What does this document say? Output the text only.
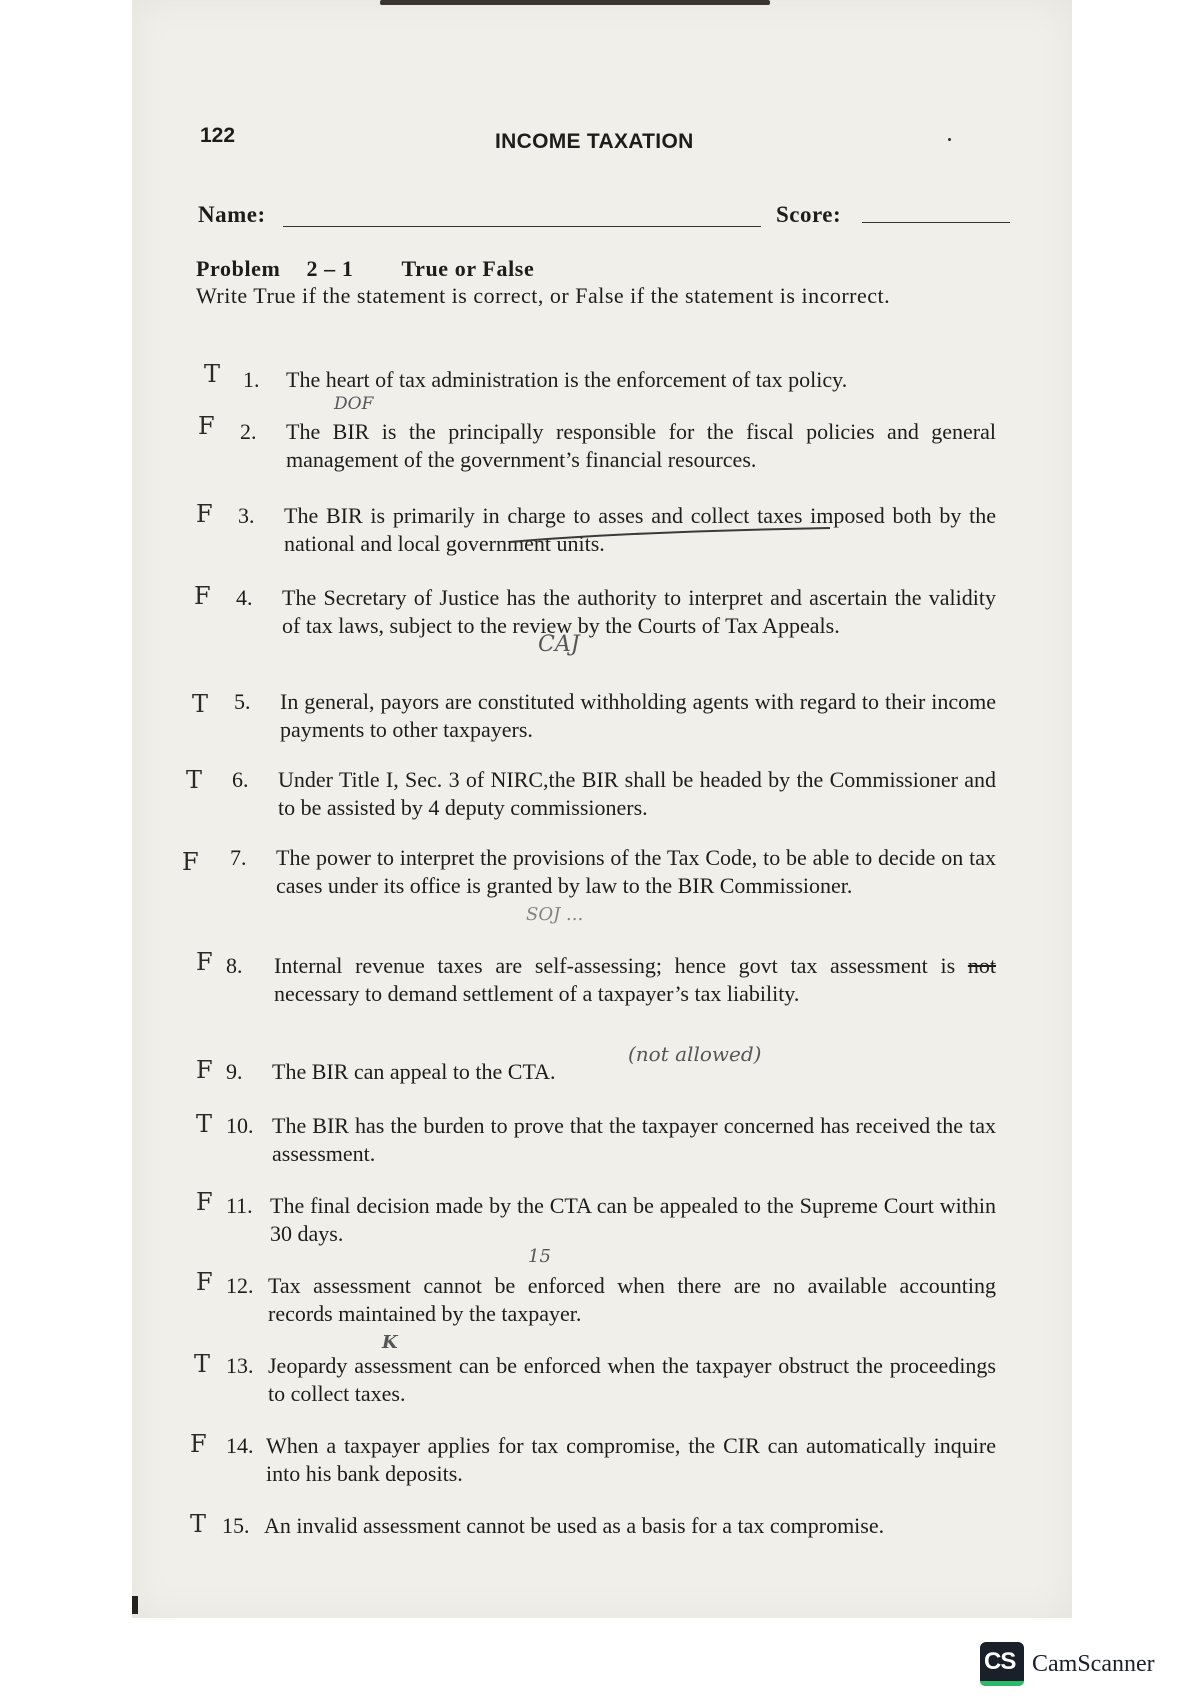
122	INCOME TAXATION
Name:	Score:
Problem 2 – 1 True or False
Write True if the statement is correct, or False if the statement is incorrect.
T 1. The heart of tax administration is the enforcement of tax policy.
F 2. The BIR is the principally responsible for the fiscal policies and general management of the government’s financial resources.
F 3. The BIR is primarily in charge to asses and collect taxes imposed both by the national and local government units.
F 4. The Secretary of Justice has the authority to interpret and ascertain the validity of tax laws, subject to the review by the Courts of Tax Appeals.
T 5. In general, payors are constituted withholding agents with regard to their income payments to other taxpayers.
T 6. Under Title I, Sec. 3 of NIRC,the BIR shall be headed by the Commissioner and to be assisted by 4 deputy commissioners.
F 7. The power to interpret the provisions of the Tax Code, to be able to decide on tax cases under its office is granted by law to the BIR Commissioner.
F 8. Internal revenue taxes are self-assessing; hence govt tax assessment is not necessary to demand settlement of a taxpayer’s tax liability.
F 9. The BIR can appeal to the CTA.
T 10. The BIR has the burden to prove that the taxpayer concerned has received the tax assessment.
F 11. The final decision made by the CTA can be appealed to the Supreme Court within 30 days.
F 12. Tax assessment cannot be enforced when there are no available accounting records maintained by the taxpayer.
T 13. Jeopardy assessment can be enforced when the taxpayer obstruct the proceedings to collect taxes.
F 14. When a taxpayer applies for tax compromise, the CIR can automatically inquire into his bank deposits.
T 15. An invalid assessment cannot be used as a basis for a tax compromise.
DOF
CAJ
SOJ ...
(not allowed)
15
K
CS CamScanner
